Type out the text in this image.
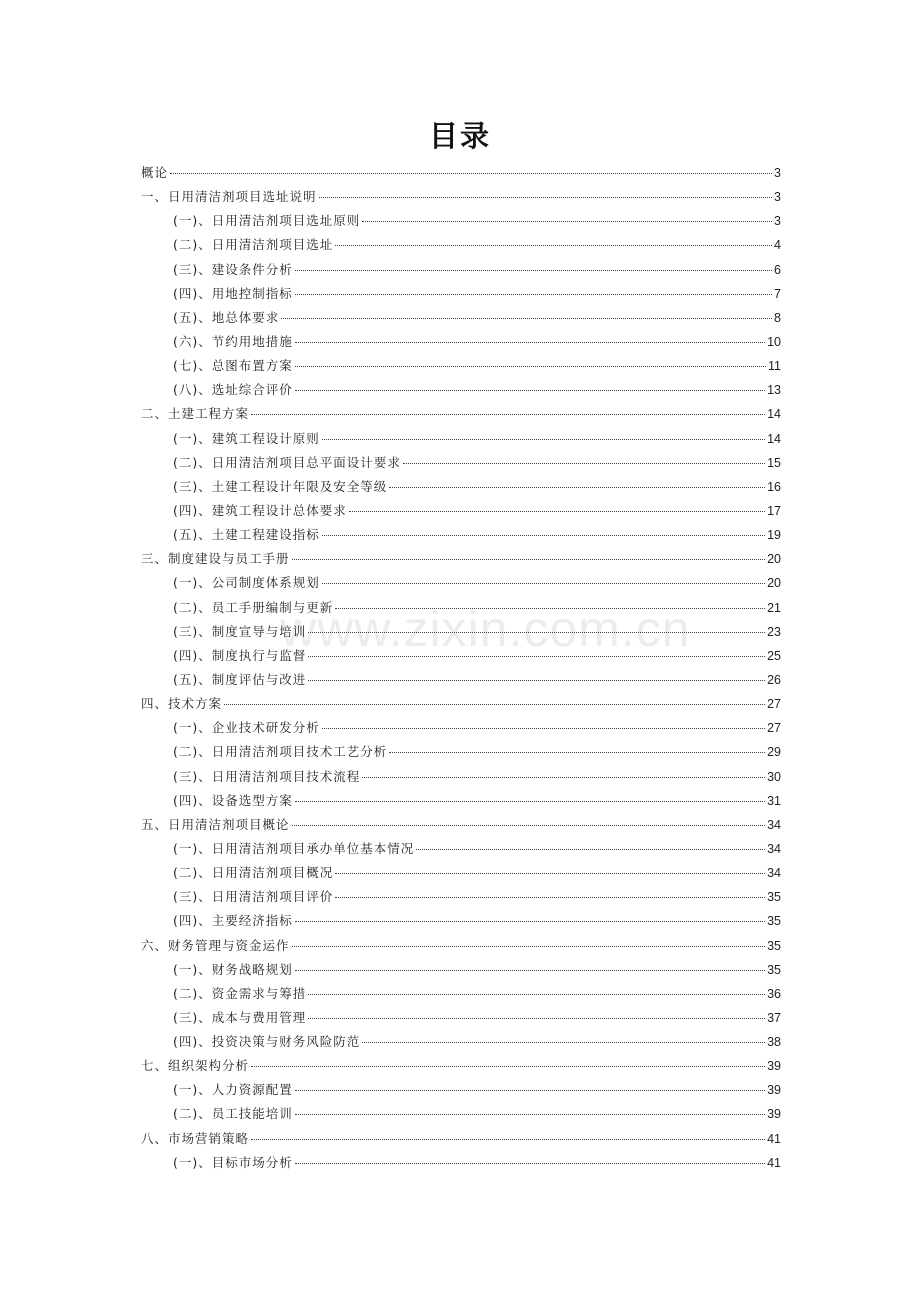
目录
www.zixin.com.cn
概论	3
一、日用清洁剂项目选址说明	3
(一)、日用清洁剂项目选址原则	3
(二)、日用清洁剂项目选址	4
(三)、建设条件分析	6
(四)、用地控制指标	7
(五)、地总体要求	8
(六)、节约用地措施	10
(七)、总图布置方案	11
(八)、选址综合评价	13
二、土建工程方案	14
(一)、建筑工程设计原则	14
(二)、日用清洁剂项目总平面设计要求	15
(三)、土建工程设计年限及安全等级	16
(四)、建筑工程设计总体要求	17
(五)、土建工程建设指标	19
三、制度建设与员工手册	20
(一)、公司制度体系规划	20
(二)、员工手册编制与更新	21
(三)、制度宣导与培训	23
(四)、制度执行与监督	25
(五)、制度评估与改进	26
四、技术方案	27
(一)、企业技术研发分析	27
(二)、日用清洁剂项目技术工艺分析	29
(三)、日用清洁剂项目技术流程	30
(四)、设备选型方案	31
五、日用清洁剂项目概论	34
(一)、日用清洁剂项目承办单位基本情况	34
(二)、日用清洁剂项目概况	34
(三)、日用清洁剂项目评价	35
(四)、主要经济指标	35
六、财务管理与资金运作	35
(一)、财务战略规划	35
(二)、资金需求与筹措	36
(三)、成本与费用管理	37
(四)、投资决策与财务风险防范	38
七、组织架构分析	39
(一)、人力资源配置	39
(二)、员工技能培训	39
八、市场营销策略	41
(一)、目标市场分析	41
